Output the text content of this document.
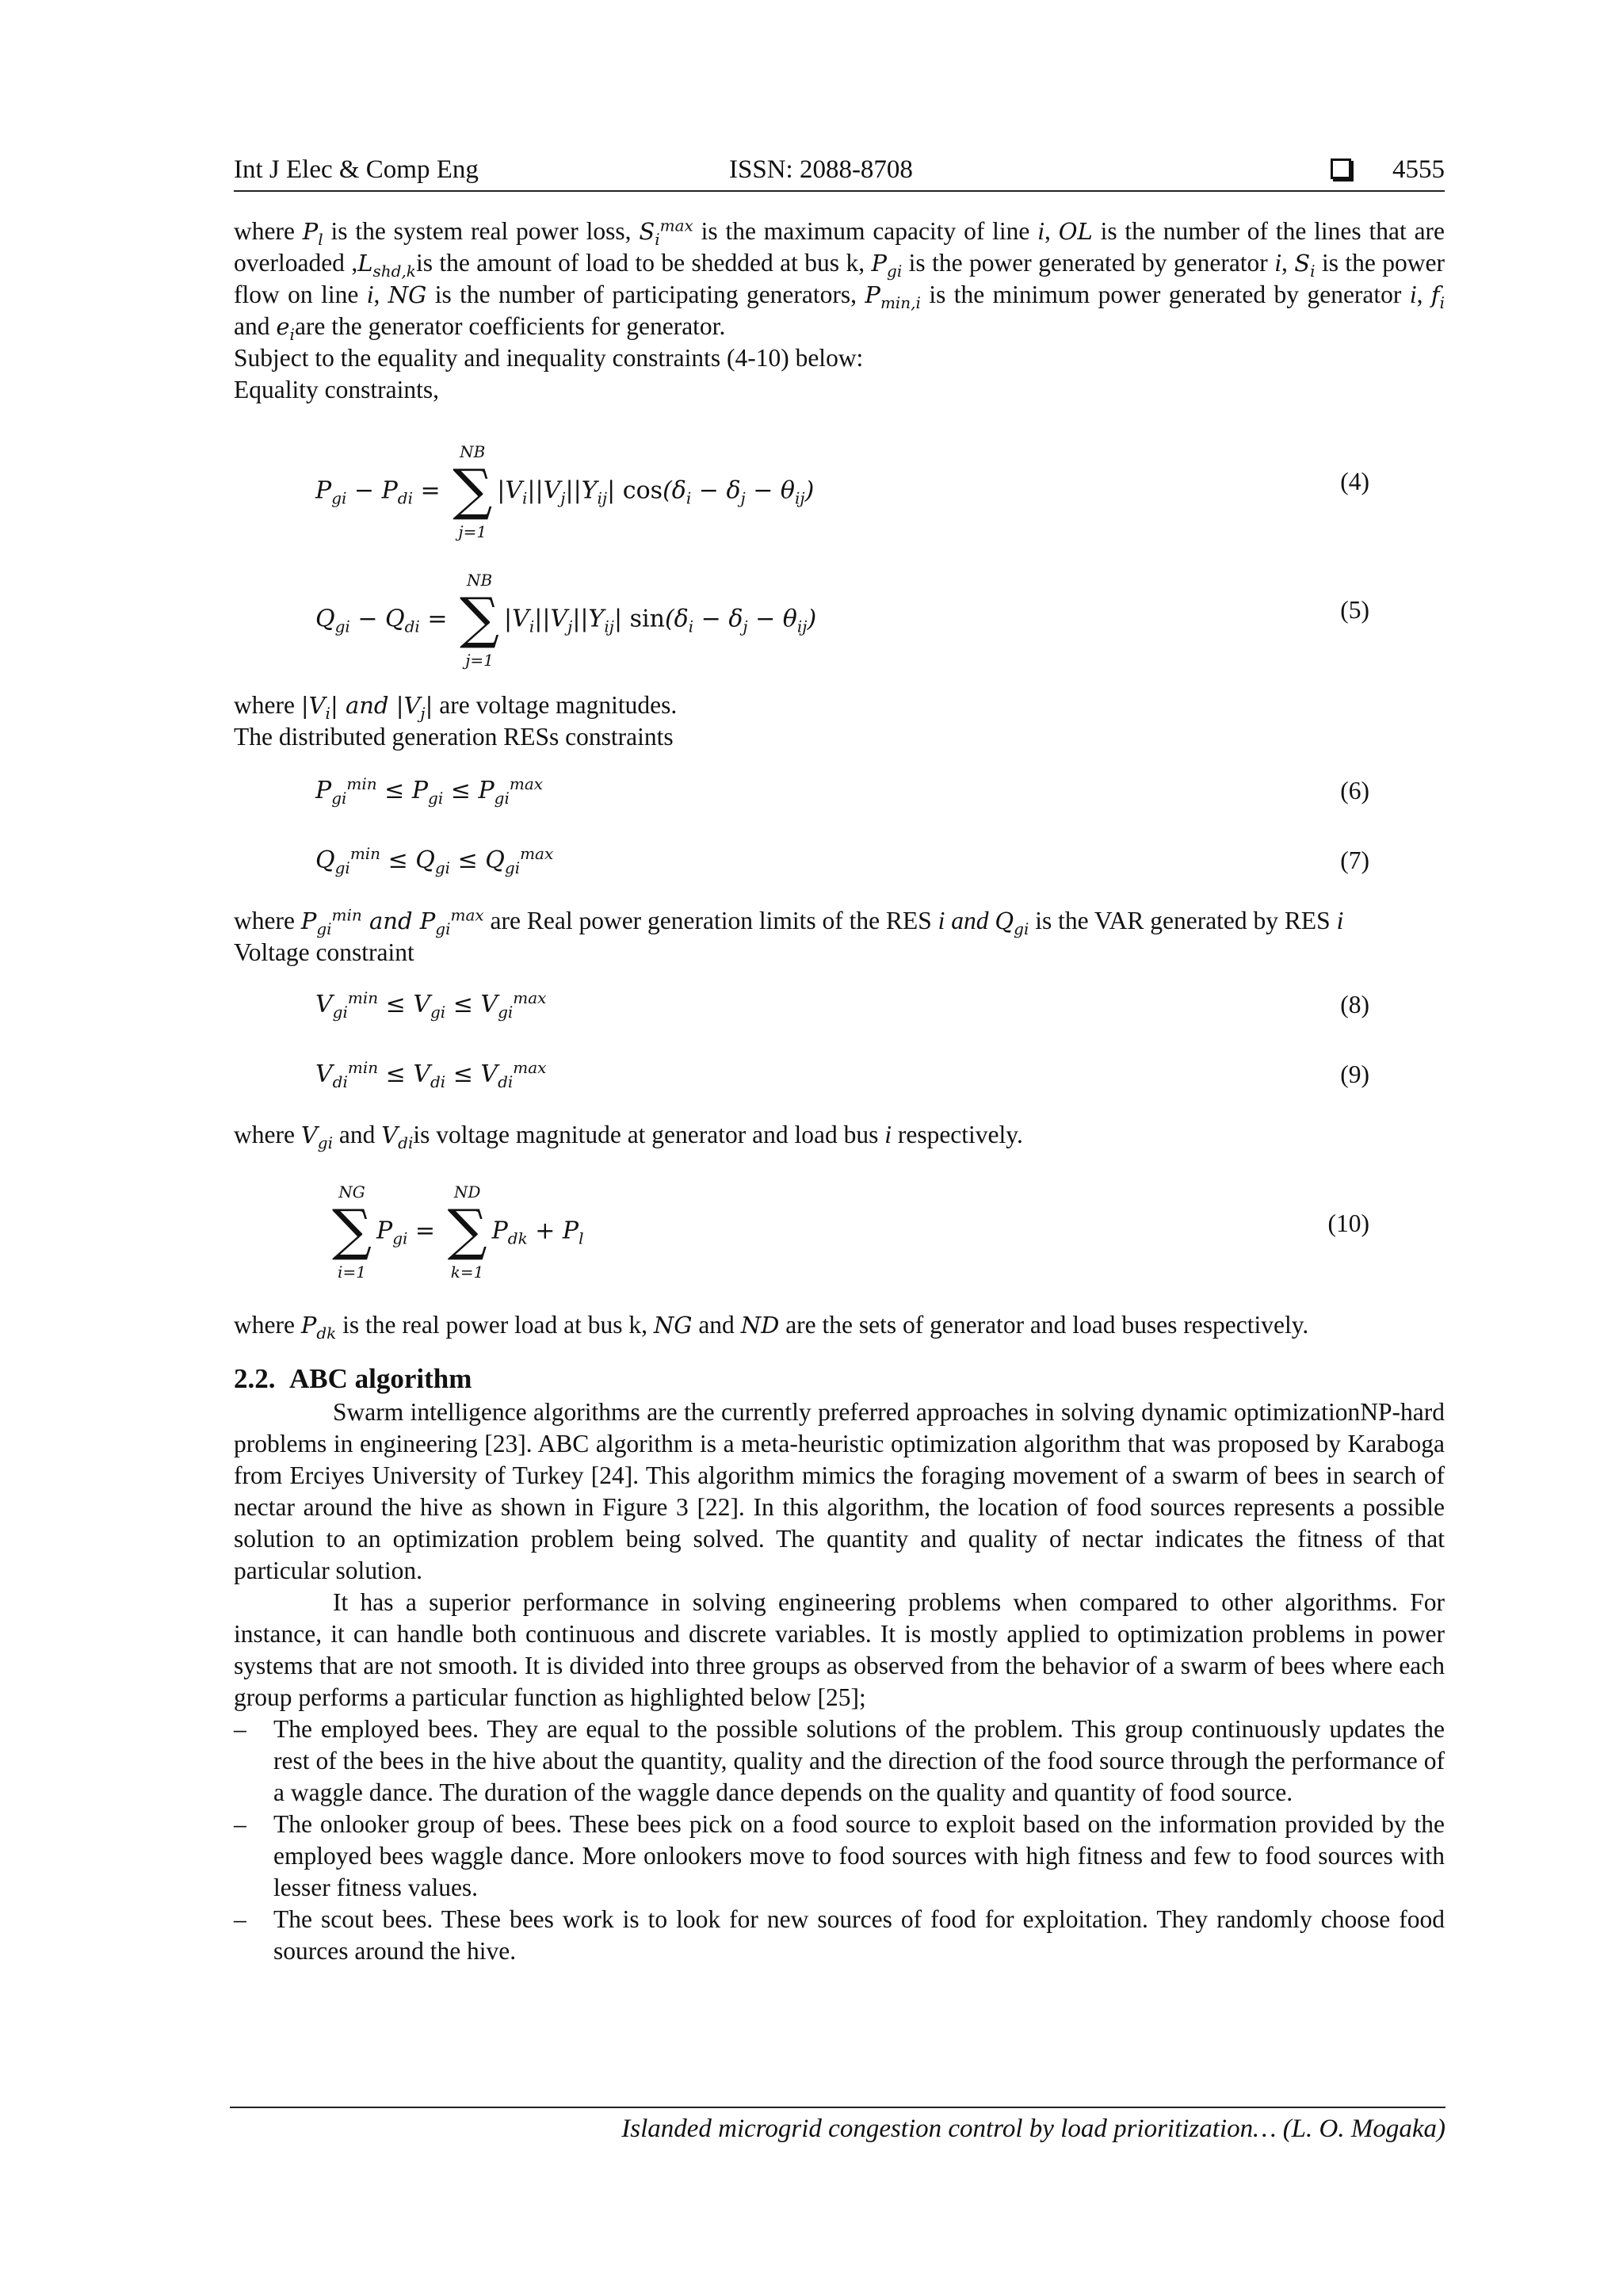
Int J Elec & Comp Eng	ISSN: 2088-8708	4555

where $P_l$ is the system real power loss, $S_i^{max}$ is the maximum capacity of line i, OL is the number of the lines that are overloaded $,L_{shd,k}is$ the amount of load to be shedded at bus k, $P_{gi}$ is the power generated by generator i, $S_i$ is the power flow on line i, NG is the number of participating generators, $P_{min,i}$ is the minimum power generated by generator i, $f_i$ and $e_iare$ the generator coefficients for generator.

Subject to the equality and inequality constraints (4-10) below:

Equality constraints,

$P_{gi} - P_{di}$ =
NB
∑
j=1
$|V_i||V_j||Y_{ij}|$ $\cos(\delta_i - \delta_j - \theta_{ij})$	(4)
$Q_{gi} - Q_{di}$ =
NB
∑
j=1
$|V_i||V_j||Y_{ij}|$ $\sin(\delta_i - \delta_j - \theta_{ij})$	(5)

where $|V_i|$ and $|V_j|$ are voltage magnitudes.

The distributed generation RESs constraints

$P_{gi}^{min} \le P_{gi} \le P_{gi}^{max}$	(6)
$Q_{gi}^{min} \le Q_{gi} \le Q_{gi}^{max}$	(7)

where $P_{gi}^{min}$ and $P_{gi}^{max}$ are Real power generation limits of the RES i and $Q_{gi}$ is the VAR generated by RES i

Voltage constraint

$V_{gi}^{min} \le V_{gi} \le V_{gi}^{max}$	(8)
$V_{di}^{min} \le V_{di} \le V_{di}^{max}$	(9)

where $V_{gi}$ and $V_{di}is$ voltage magnitude at generator and load bus i respectively.

NG
∑
i=1
$P_{gi}$ =
ND
∑
k=1
$P_{dk} + P_l$
(10)

where $P_{dk}$ is the real power load at bus k, NG and ND are the sets of generator and load buses respectively.

2.2. ABC algorithm

Swarm intelligence algorithms are the currently preferred approaches in solving dynamic optimizationNP-hard problems in engineering [23]. ABC algorithm is a meta-heuristic optimization algorithm that was proposed by Karaboga from Erciyes University of Turkey [24]. This algorithm mimics the foraging movement of a swarm of bees in search of nectar around the hive as shown in Figure 3 [22]. In this algorithm, the location of food sources represents a possible solution to an optimization problem being solved. The quantity and quality of nectar indicates the fitness of that particular solution.

It has a superior performance in solving engineering problems when compared to other algorithms. For instance, it can handle both continuous and discrete variables. It is mostly applied to optimization problems in power systems that are not smooth. It is divided into three groups as observed from the behavior of a swarm of bees where each group performs a particular function as highlighted below [25];

– The employed bees. They are equal to the possible solutions of the problem. This group continuously updates the rest of the bees in the hive about the quantity, quality and the direction of the food source through the performance of a waggle dance. The duration of the waggle dance depends on the quality and quantity of food source.
– The onlooker group of bees. These bees pick on a food source to exploit based on the information provided by the employed bees waggle dance. More onlookers move to food sources with high fitness and few to food sources with lesser fitness values.
– The scout bees. These bees work is to look for new sources of food for exploitation. They randomly choose food sources around the hive.
Islanded microgrid congestion control by load prioritization… (L. O. Mogaka)
